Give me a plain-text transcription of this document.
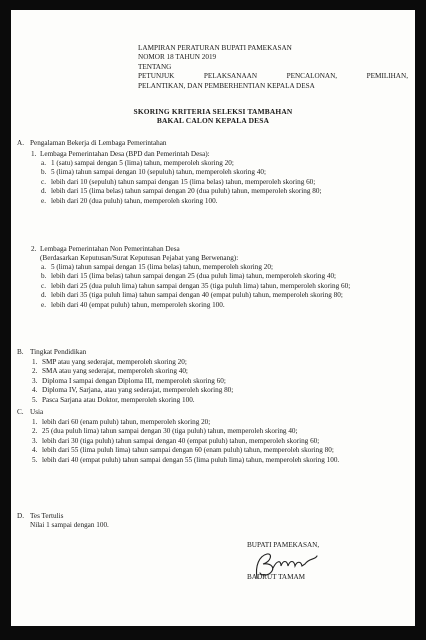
LAMPIRAN PERATURAN BUPATI PAMEKASAN
NOMOR 18 TAHUN 2019
TENTANG
PETUNJUK PELAKSANAAN PENCALONAN, PEMILIHAN,
PELANTIKAN, DAN PEMBERHENTIAN KEPALA DESA
SKORING KRITERIA SELEKSI TAMBAHAN
BAKAL CALON KEPALA DESA
A. Pengalaman Bekerja di Lembaga Pemerintahan
1. Lembaga Pemerintahan Desa (BPD dan Pemerintah Desa):
a. 1 (satu) sampai dengan 5 (lima) tahun, memperoleh skoring 20;
b. 5 (lima) tahun sampai dengan 10 (sepuluh) tahun, memperoleh skoring 40;
c. lebih dari 10 (sepuluh) tahun sampai dengan 15 (lima belas) tahun, memperoleh skoring 60;
d. lebih dari 15 (lima belas) tahun sampai dengan 20 (dua puluh) tahun, memperoleh skoring 80;
e. lebih dari 20 (dua puluh) tahun, memperoleh skoring 100.
2. Lembaga Pemerintahan Non Pemerintahan Desa
(Berdasarkan Keputusan/Surat Keputusan Pejabat yang Berwenang):
a. 5 (lima) tahun sampai dengan 15 (lima belas) tahun, memperoleh skoring 20;
b. lebih dari 15 (lima belas) tahun sampai dengan 25 (dua puluh lima) tahun, memperoleh skoring 40;
c. lebih dari 25 (dua puluh lima) tahun sampai dengan 35 (tiga puluh lima) tahun, memperoleh skoring 60;
d. lebih dari 35 (tiga puluh lima) tahun sampai dengan 40 (empat puluh) tahun, memperoleh skoring 80;
e. lebih dari 40 (empat puluh) tahun, memperoleh skoring 100.
B. Tingkat Pendidikan
1. SMP atau yang sederajat, memperoleh skoring 20;
2. SMA atau yang sederajat, memperoleh skoring 40;
3. Diploma I sampai dengan Diploma III, memperoleh skoring 60;
4. Diploma IV, Sarjana, atau yang sederajat, memperoleh skoring 80;
5. Pasca Sarjana atau Doktor, memperoleh skoring 100.
C. Usia
1. lebih dari 60 (enam puluh) tahun, memperoleh skoring 20;
2. 25 (dua puluh lima) tahun sampai dengan 30 (tiga puluh) tahun, memperoleh skoring 40;
3. lebih dari 30 (tiga puluh) tahun sampai dengan 40 (empat puluh) tahun, memperoleh skoring 60;
4. lebih dari 55 (lima puluh lima) tahun sampai dengan 60 (enam puluh) tahun, memperoleh skoring 80;
5. lebih dari 40 (empat puluh) tahun sampai dengan 55 (lima puluh lima) tahun, memperoleh skoring 100.
D. Tes Tertulis
Nilai 1 sampai dengan 100.
BUPATI PAMEKASAN,
BADRUT TAMAM
